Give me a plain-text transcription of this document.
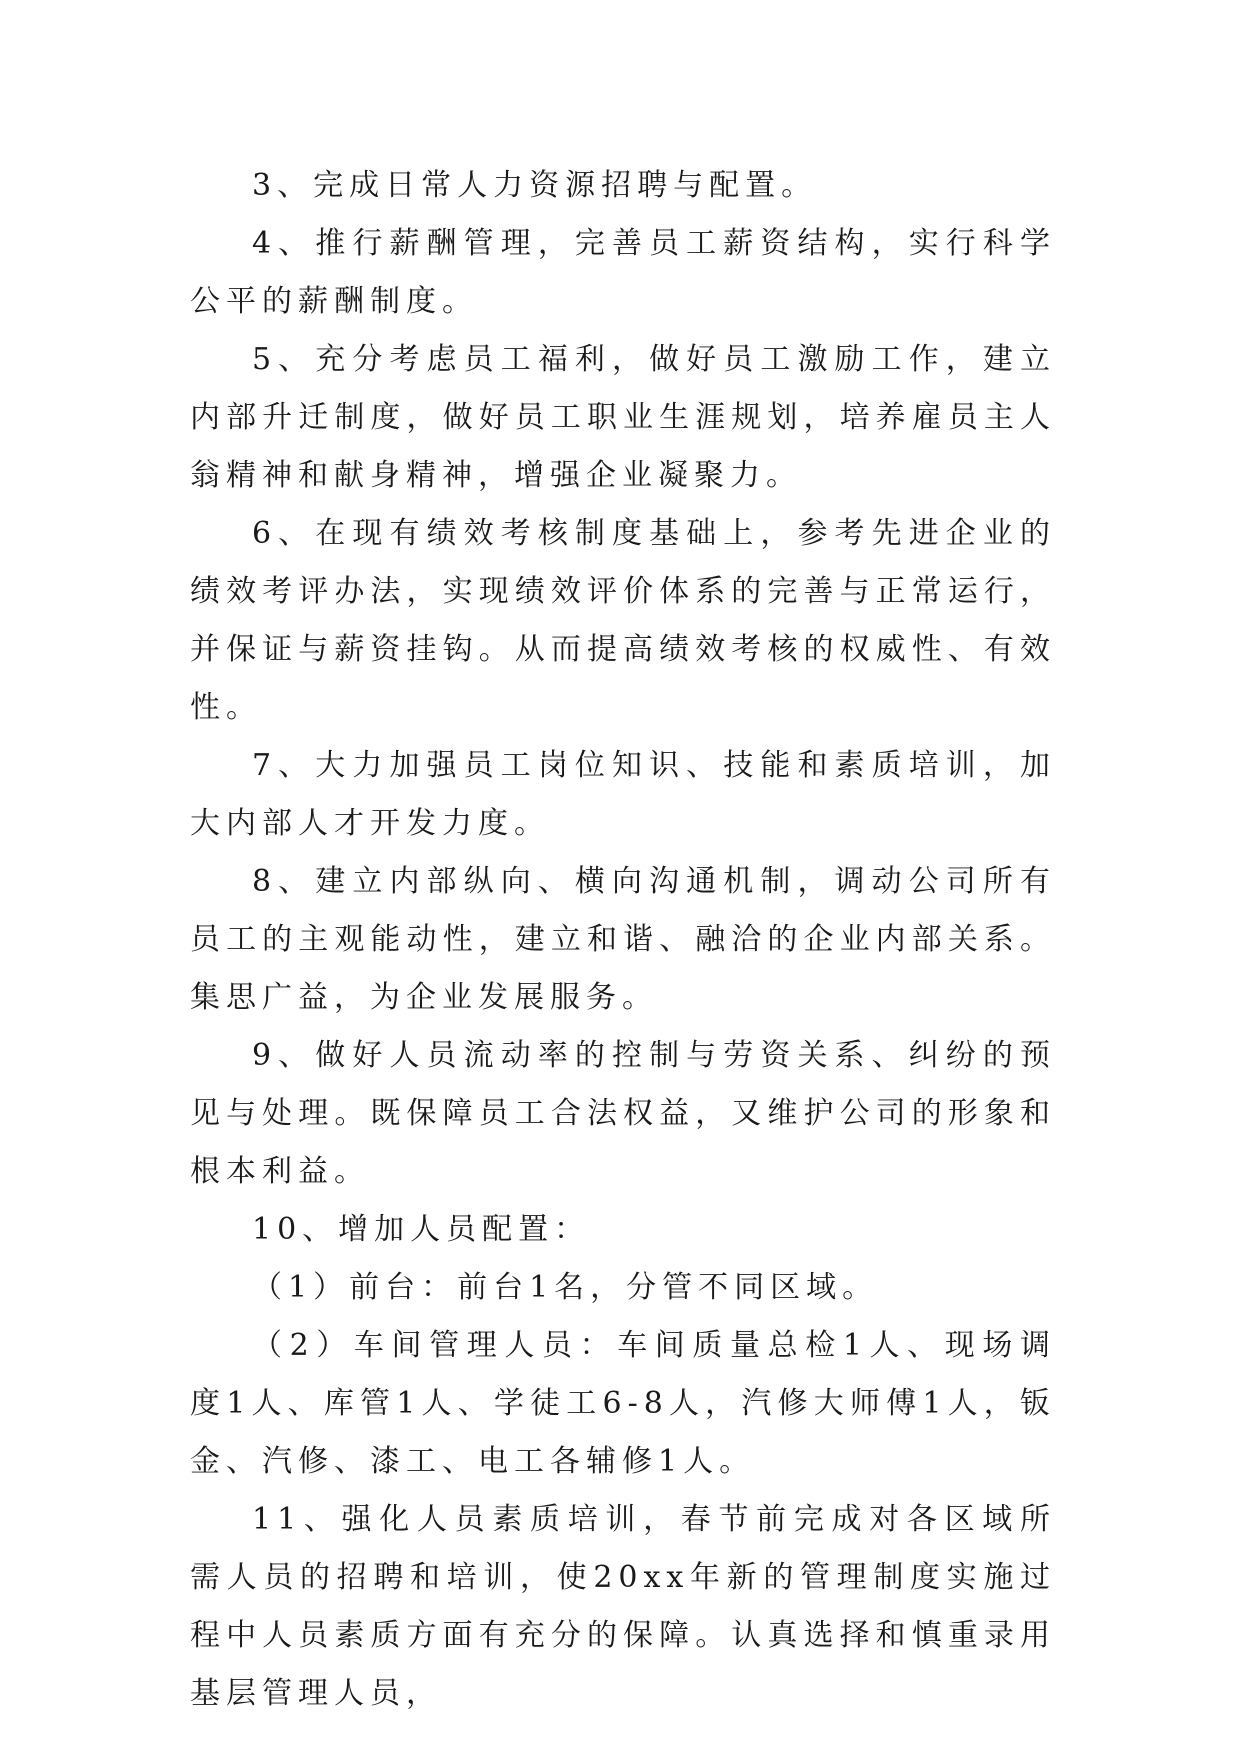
3、完成日常人力资源招聘与配置。

4、推行薪酬管理，完善员工薪资结构，实行科学公平的薪酬制度。

5、充分考虑员工福利，做好员工激励工作，建立内部升迁制度，做好员工职业生涯规划，培养雇员主人翁精神和献身精神，增强企业凝聚力。

6、在现有绩效考核制度基础上，参考先进企业的绩效考评办法，实现绩效评价体系的完善与正常运行，并保证与薪资挂钩。从而提高绩效考核的权威性、有效性。

7、大力加强员工岗位知识、技能和素质培训，加大内部人才开发力度。

8、建立内部纵向、横向沟通机制，调动公司所有员工的主观能动性，建立和谐、融洽的企业内部关系。集思广益，为企业发展服务。

9、做好人员流动率的控制与劳资关系、纠纷的预见与处理。既保障员工合法权益，又维护公司的形象和根本利益。

10、增加人员配置：

（1）前台：前台1名，分管不同区域。

（2）车间管理人员：车间质量总检1人、现场调度1人、库管1人、学徒工6-8人，汽修大师傅1人，钣金、汽修、漆工、电工各辅修1人。

11、强化人员素质培训，春节前完成对各区域所需人员的招聘和培训，使20xx年新的管理制度实施过程中人员素质方面有充分的保障。认真选择和慎重录用基层管理人员，
